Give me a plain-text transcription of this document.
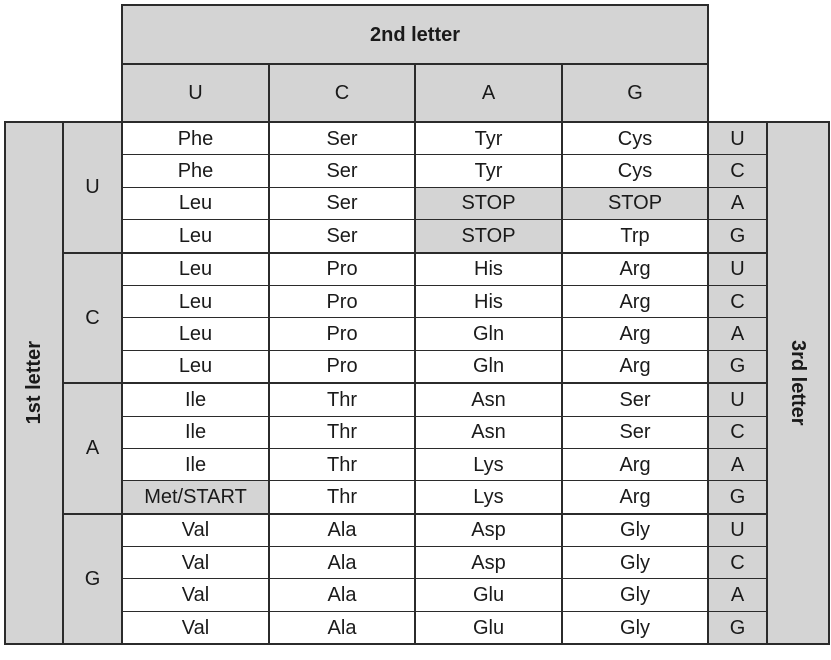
		2nd letter					
		U	C	A	G		

1st letter	U	Phe	Ser	Tyr	Cys	U	3rd letter

		Phe	Ser	Tyr	Cys	C	
		Leu	Ser	STOP	STOP	A	
		Leu	Ser	STOP	Trp	G	
	C	Leu	Pro	His	Arg	U	
		Leu	Pro	His	Arg	C	
		Leu	Pro	Gln	Arg	A	
		Leu	Pro	Gln	Arg	G	
	A	Ile	Thr	Asn	Ser	U	
		Ile	Thr	Asn	Ser	C	
		Ile	Thr	Lys	Arg	A	
		Met/START	Thr	Lys	Arg	G	
	G	Val	Ala	Asp	Gly	U	
		Val	Ala	Asp	Gly	C	
		Val	Ala	Glu	Gly	A	
		Val	Ala	Glu	Gly	G	
